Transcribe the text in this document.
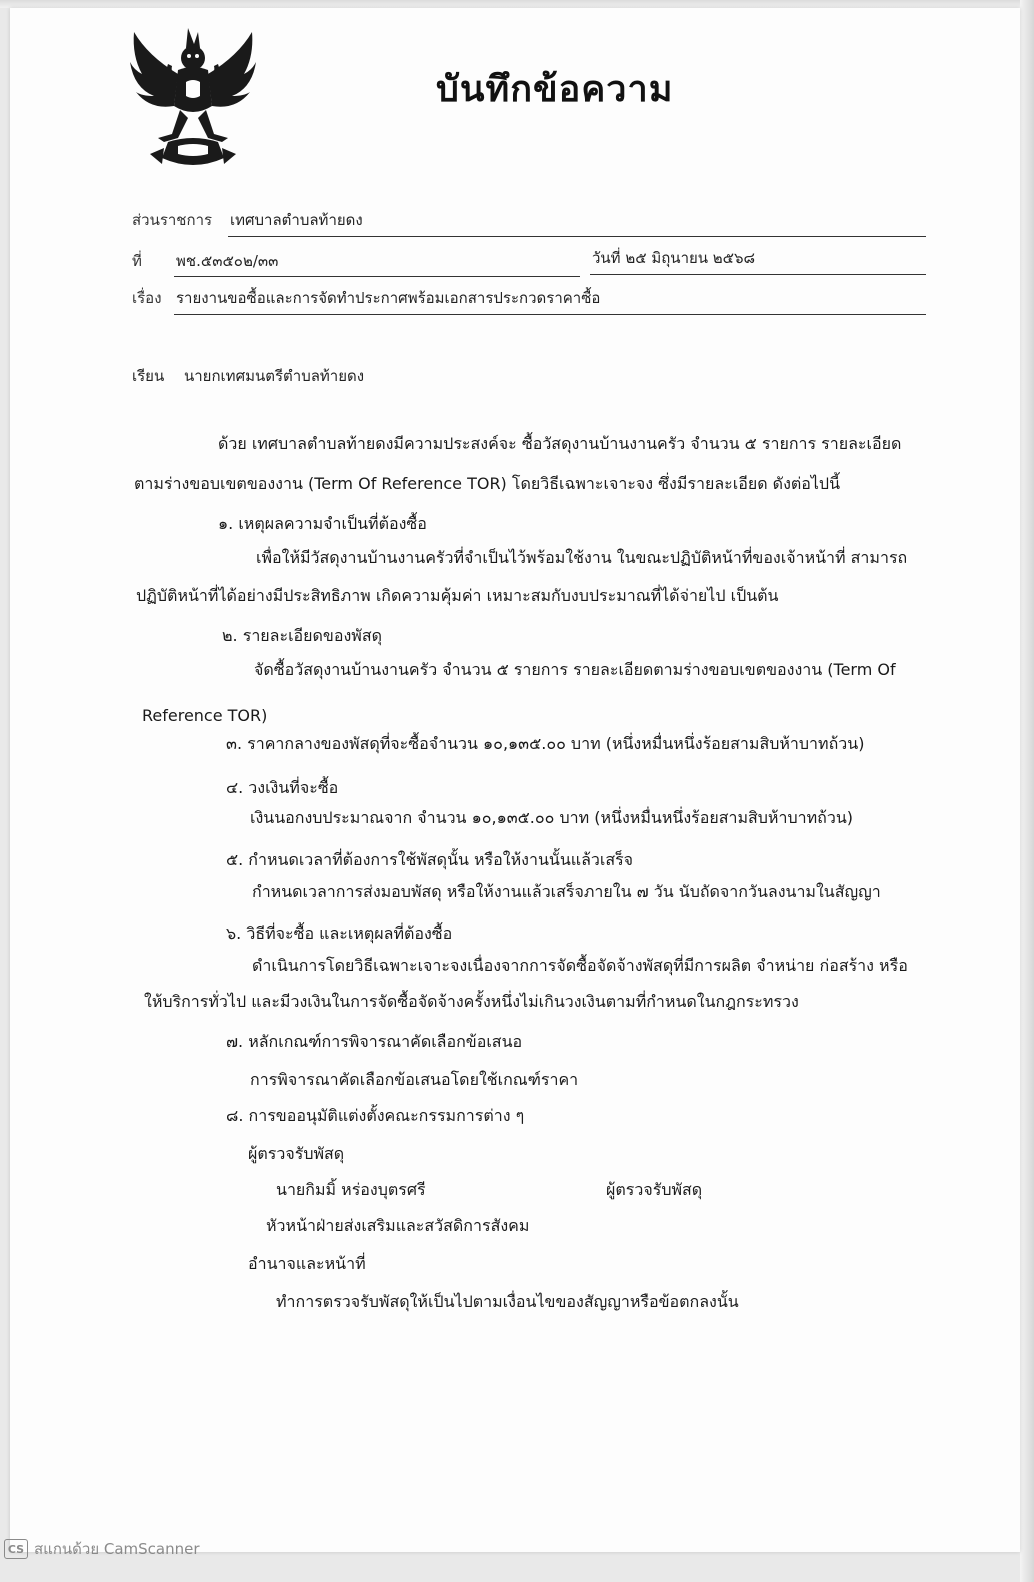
บันทึกข้อความ
ส่วนราชการ เทศบาลตำบลท้ายดง
ที่ พช.๕๓๕๐๒/๓๓	วันที่ ๒๕ มิถุนายน ๒๕๖๘
เรื่อง รายงานขอซื้อและการจัดทำประกาศพร้อมเอกสารประกวดราคาซื้อ
เรียน นายกเทศมนตรีตำบลท้ายดง
ด้วย เทศบาลตำบลท้ายดงมีความประสงค์จะ ซื้อวัสดุงานบ้านงานครัว จำนวน ๕ รายการ รายละเอียด
ตามร่างขอบเขตของงาน (Term Of Reference TOR) โดยวิธีเฉพาะเจาะจง ซึ่งมีรายละเอียด ดังต่อไปนี้
๑. เหตุผลความจำเป็นที่ต้องซื้อ
เพื่อให้มีวัสดุงานบ้านงานครัวที่จำเป็นไว้พร้อมใช้งาน ในขณะปฏิบัติหน้าที่ของเจ้าหน้าที่ สามารถ
ปฏิบัติหน้าที่ได้อย่างมีประสิทธิภาพ เกิดความคุ้มค่า เหมาะสมกับงบประมาณที่ได้จ่ายไป เป็นต้น
๒. รายละเอียดของพัสดุ
จัดซื้อวัสดุงานบ้านงานครัว จำนวน ๕ รายการ รายละเอียดตามร่างขอบเขตของงาน (Term Of
Reference TOR)
๓. ราคากลางของพัสดุที่จะซื้อจำนวน ๑๐,๑๓๕.๐๐ บาท (หนึ่งหมื่นหนึ่งร้อยสามสิบห้าบาทถ้วน)
๔. วงเงินที่จะซื้อ
เงินนอกงบประมาณจาก จำนวน ๑๐,๑๓๕.๐๐ บาท (หนึ่งหมื่นหนึ่งร้อยสามสิบห้าบาทถ้วน)
๕. กำหนดเวลาที่ต้องการใช้พัสดุนั้น หรือให้งานนั้นแล้วเสร็จ
กำหนดเวลาการส่งมอบพัสดุ หรือให้งานแล้วเสร็จภายใน ๗ วัน นับถัดจากวันลงนามในสัญญา
๖. วิธีที่จะซื้อ และเหตุผลที่ต้องซื้อ
ดำเนินการโดยวิธีเฉพาะเจาะจงเนื่องจากการจัดซื้อจัดจ้างพัสดุที่มีการผลิต จำหน่าย ก่อสร้าง หรือ
ให้บริการทั่วไป และมีวงเงินในการจัดซื้อจัดจ้างครั้งหนึ่งไม่เกินวงเงินตามที่กำหนดในกฎกระทรวง
๗. หลักเกณฑ์การพิจารณาคัดเลือกข้อเสนอ
การพิจารณาคัดเลือกข้อเสนอโดยใช้เกณฑ์ราคา
๘. การขออนุมัติแต่งตั้งคณะกรรมการต่าง ๆ
ผู้ตรวจรับพัสดุ
นายกิมมิ้ หร่องบุตรศรี	ผู้ตรวจรับพัสดุ
หัวหน้าฝ่ายส่งเสริมและสวัสดิการสังคม
อำนาจและหน้าที่
ทำการตรวจรับพัสดุให้เป็นไปตามเงื่อนไขของสัญญาหรือข้อตกลงนั้น
CS สแกนด้วย CamScanner
